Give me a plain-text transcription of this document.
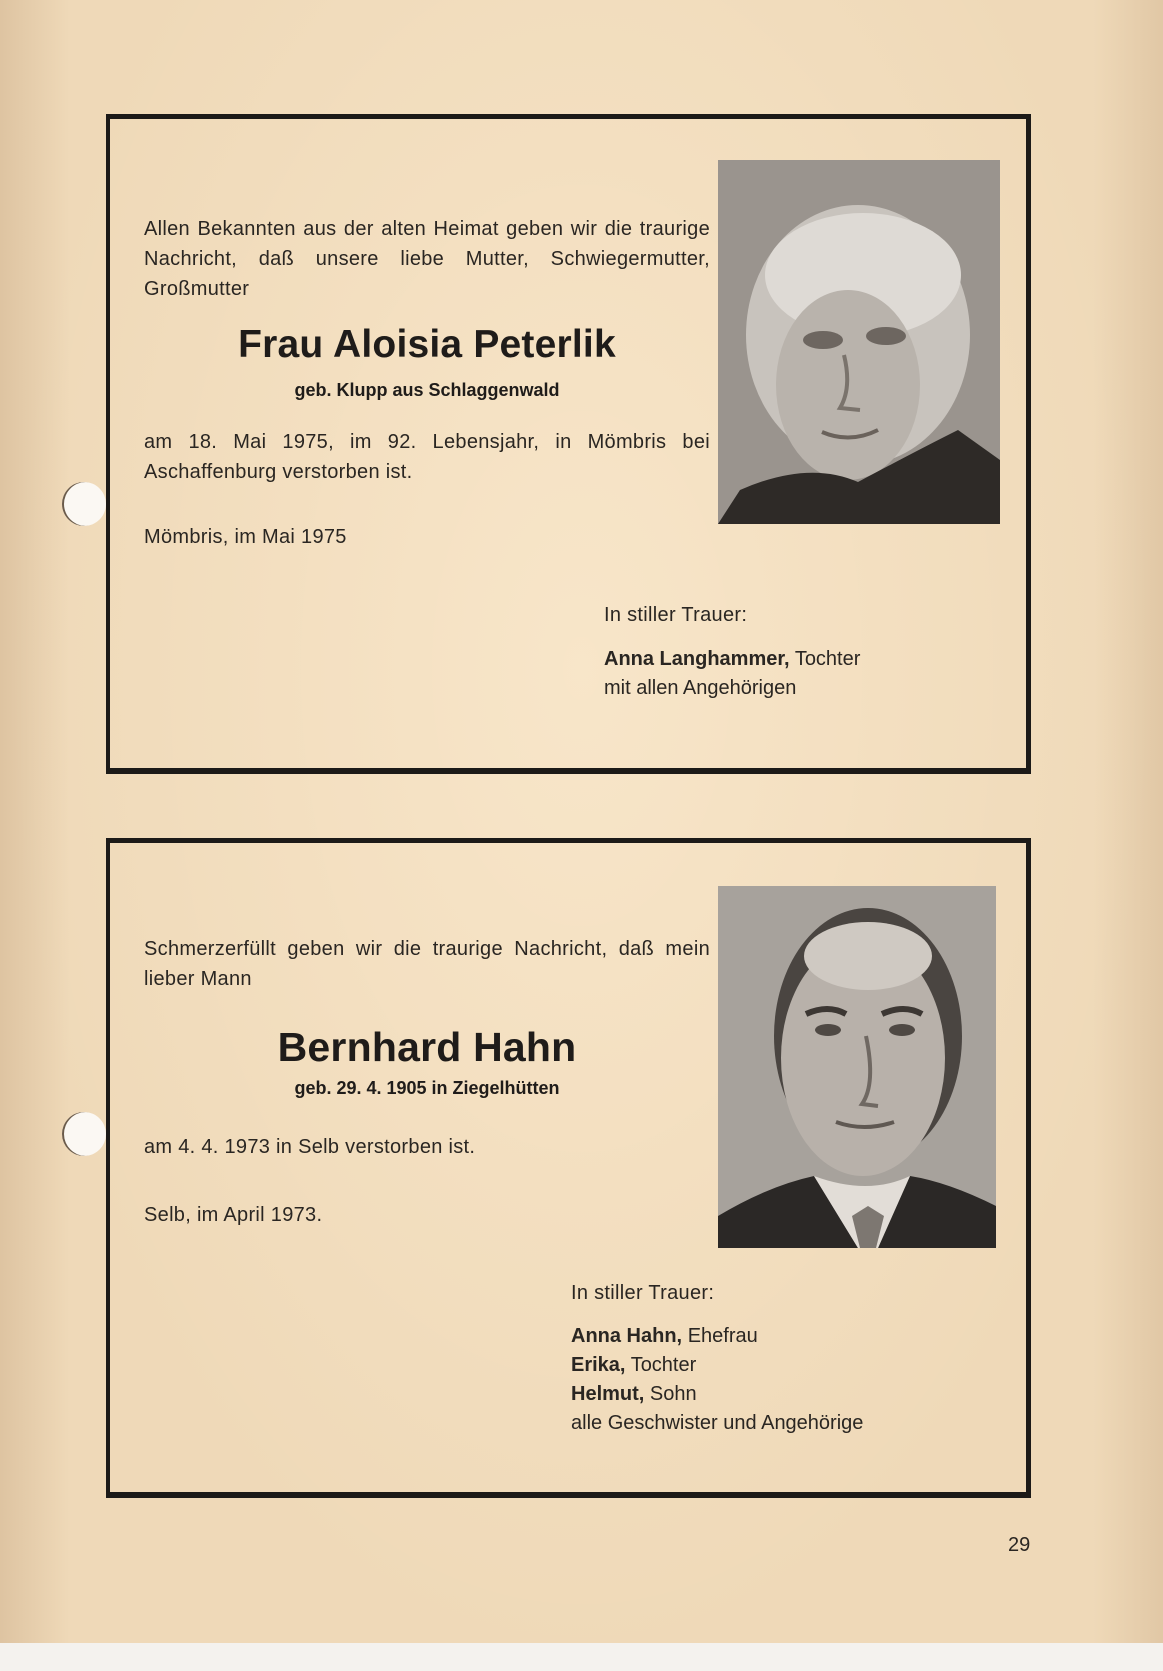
Allen Bekannten aus der alten Heimat geben wir die traurige Nachricht, daß unsere liebe Mutter, Schwiegermutter, Großmutter

Frau Aloisia Peterlik

geb. Klupp aus Schlaggenwald

am 18. Mai 1975, im 92. Lebensjahr, in Mömbris bei Aschaffenburg verstorben ist.

Mömbris, im Mai 1975

In stiller Trauer:

Anna Langhammer, Tochter
mit allen Angehörigen

Schmerzerfüllt geben wir die traurige Nachricht, daß mein lieber Mann

Bernhard Hahn

geb. 29. 4. 1905 in Ziegelhütten

am 4. 4. 1973 in Selb verstorben ist.

Selb, im April 1973.

In stiller Trauer:

Anna Hahn, Ehefrau
Erika, Tochter
Helmut, Sohn
alle Geschwister und Angehörige
29
